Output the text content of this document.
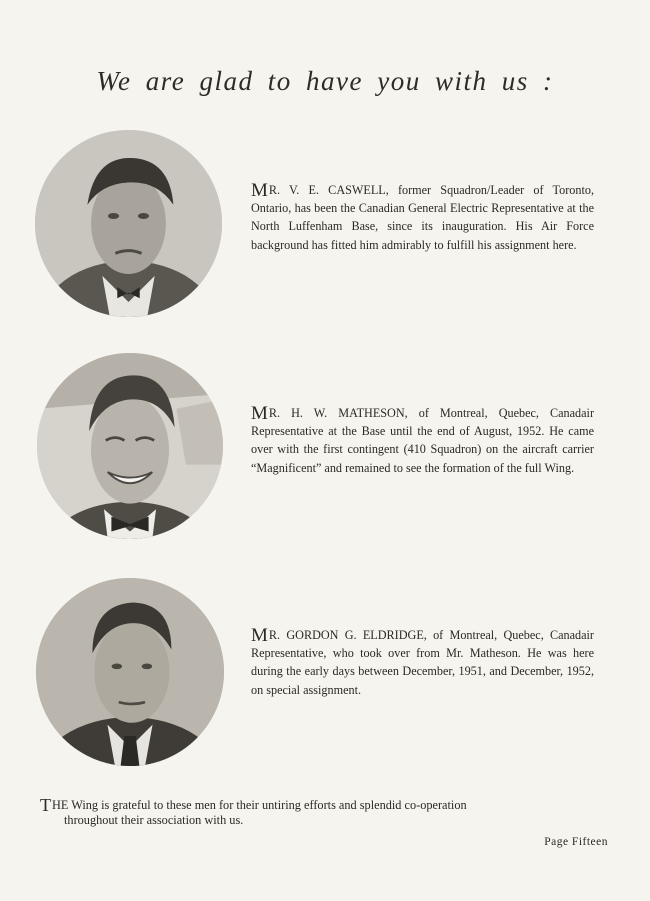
We are glad to have you with us :
MR. V. E. CASWELL, former Squadron/Leader of Toronto, Ontario, has been the Canadian General Electric Representative at the North Luffenham Base, since its inauguration. His Air Force background has fitted him admirably to fulfill his assignment here.
MR. H. W. MATHESON, of Montreal, Quebec, Canadair Representative at the Base until the end of August, 1952. He came over with the first contingent (410 Squadron) on the aircraft carrier “Magnificent” and remained to see the formation of the full Wing.
MR. GORDON G. ELDRIDGE, of Montreal, Quebec, Canadair Representative, who took over from Mr. Matheson. He was here during the early days between December, 1951, and December, 1952, on special assignment.
THE Wing is grateful to these men for their untiring efforts and splendid co-operation
throughout their association with us.
Page Fifteen
